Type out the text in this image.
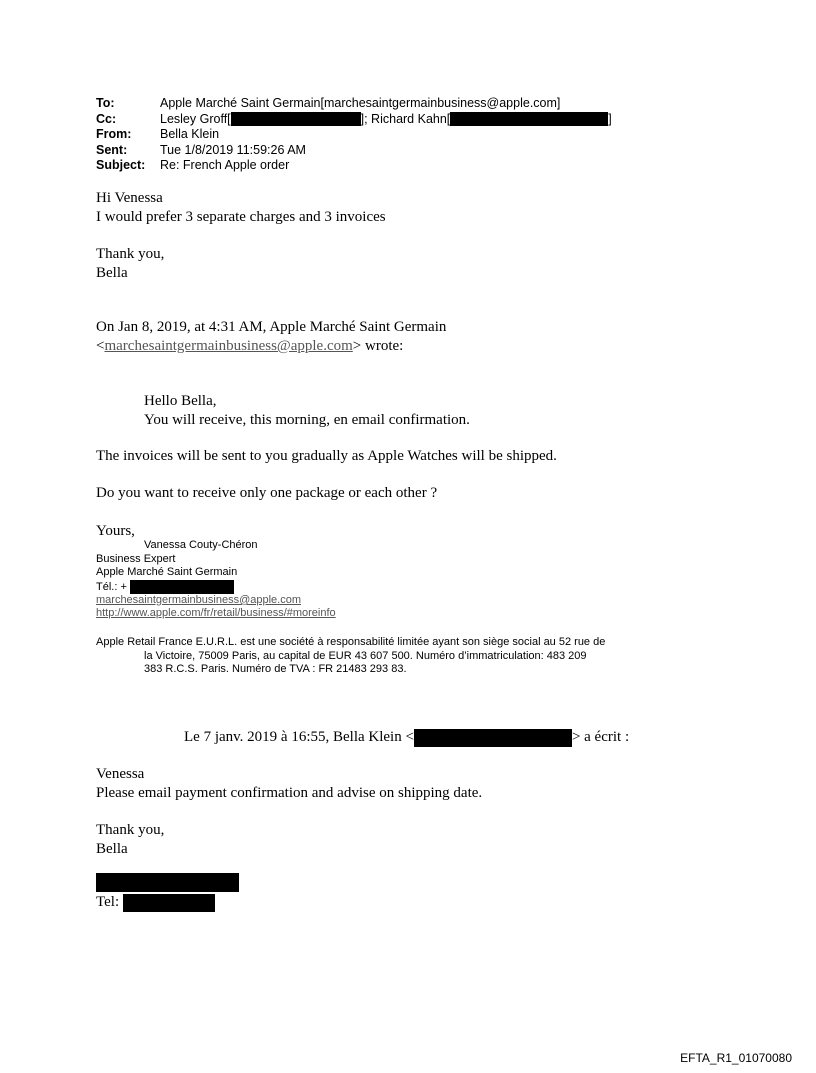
To:	Apple Marché Saint Germain[marchesaintgermainbusiness@apple.com]
Cc:	Lesley Groff[	]; Richard Kahn[	]
From:	Bella Klein
Sent:	Tue 1/8/2019 11:59:26 AM
Subject:	Re: French Apple order
Hi Venessa
I would prefer 3 separate charges and 3 invoices
Thank you,
Bella
On Jan 8, 2019, at 4:31 AM, Apple Marché Saint Germain
<marchesaintgermainbusiness@apple.com> wrote:
Hello Bella,
You will receive, this morning, en email confirmation.
The invoices will be sent to you gradually as Apple Watches will be shipped.
Do you want to receive only one package or each other ?
Yours,
Vanessa Couty-Chéron
Business Expert
Apple Marché Saint Germain
Tél.: +
marchesaintgermainbusiness@apple.com
http://www.apple.com/fr/retail/business/#moreinfo
Apple Retail France E.U.R.L. est une société à responsabilité limitée ayant son siège social au 52 rue de
la Victoire, 75009 Paris, au capital de EUR 43 607 500. Numéro d’immatriculation: 483 209
383 R.C.S. Paris. Numéro de TVA : FR 21483 293 83.
Le 7 janv. 2019 à 16:55, Bella Klein <	> a écrit :
Venessa
Please email payment confirmation and advise on shipping date.
Thank you,
Bella
Tel:
EFTA_R1_01070080
